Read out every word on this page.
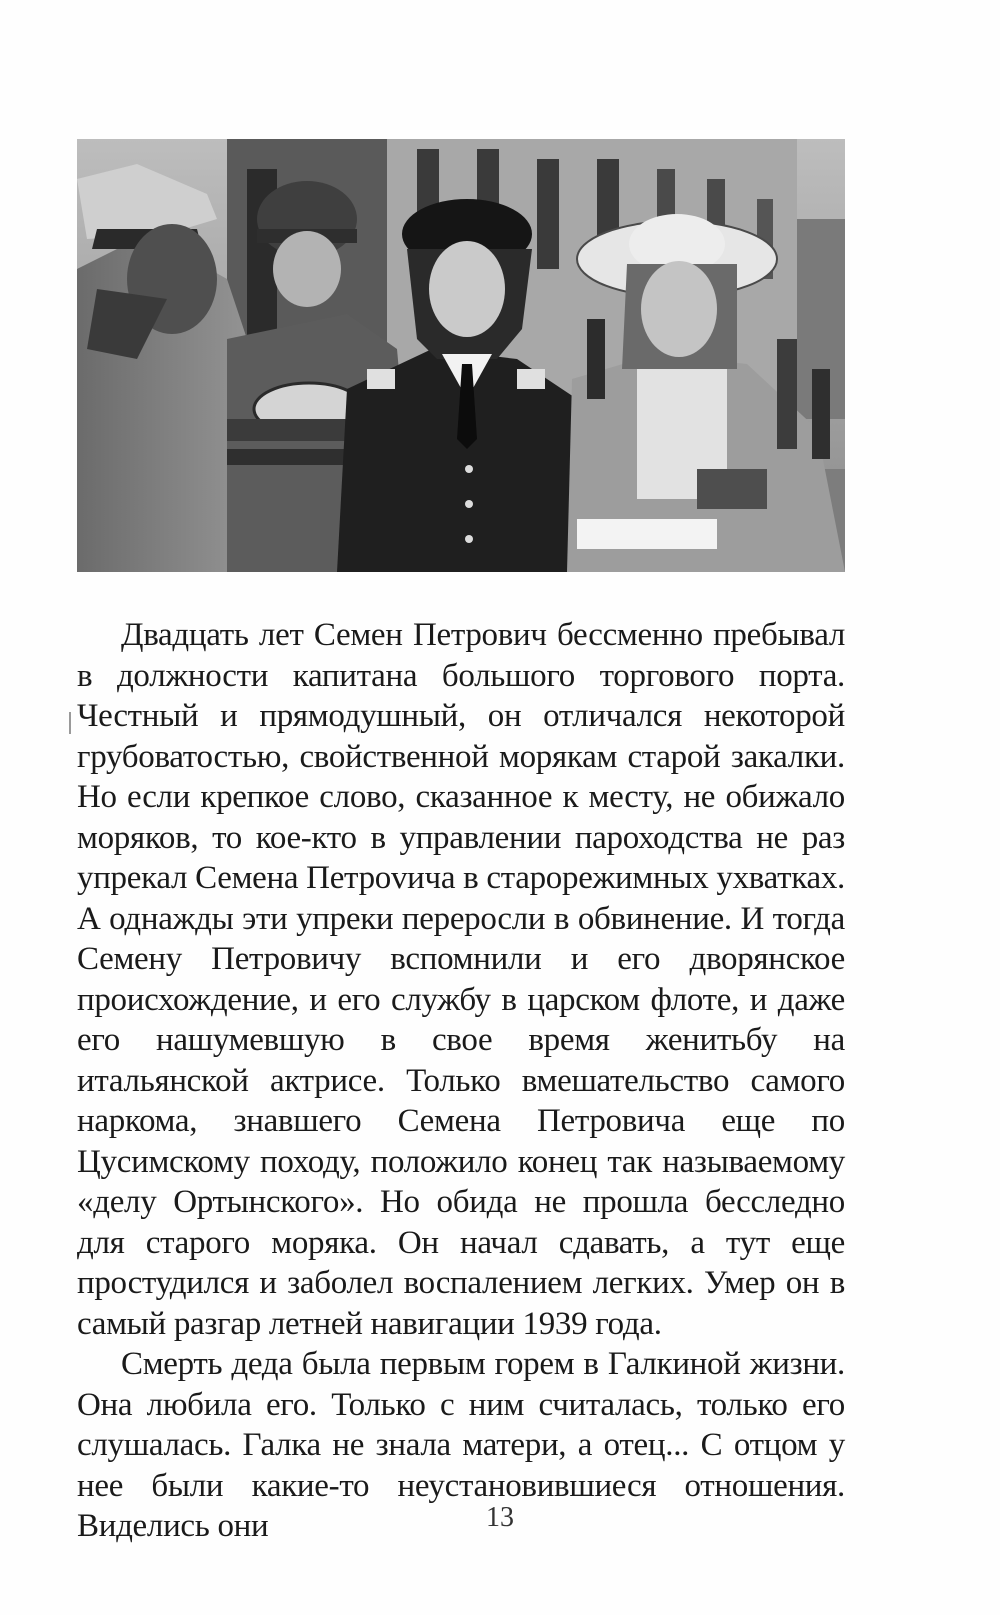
Двадцать лет Семен Петрович бессменно пребывал в должности капитана большого торгового порта. Честный и прямодушный, он отличался некоторой грубоватостью, свойственной морякам старой закалки. Но если крепкое слово, сказанное к месту, не обижало моряков, то кое-кто в управлении пароходства не раз упрекал Семена Петроvича в старорежимных ухватках. А однажды эти упреки переросли в обвинение. И тогда Семену Петровичу вспомнили и его дворянское происхождение, и его службу в царском флоте, и даже его нашумевшую в свое время женитьбу на итальянской актрисе. Только вмешательство самого наркома, знавшего Семена Петровича еще по Цусимскому походу, положило конец так называемому «делу Ортынского». Но обида не прошла бесследно для старого моряка. Он начал сдавать, а тут еще простудился и заболел воспалением легких. Умер он в самый разгар летней навигации 1939 года.

Смерть деда была первым горем в Галкиной жизни. Она любила его. Только с ним считалась, только его слушалась. Галка не знала матери, а отец... С отцом у нее были какие-то неустановившиеся отношения. Виделись они	13
